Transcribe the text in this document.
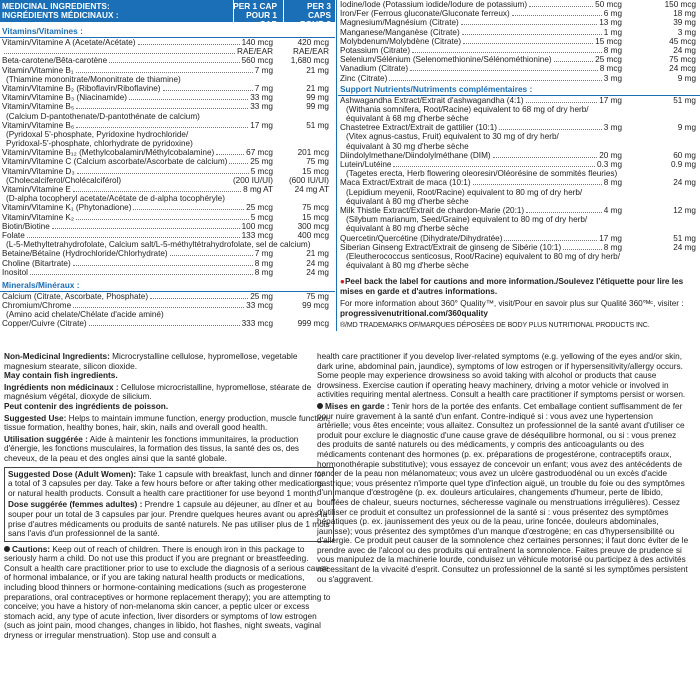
MEDICINAL INGREDIENTS:
INGRÉDIENTS MÉDICINAUX :
PER 1 CAP
POUR 1 CAP
PER 3 CAPS
POUR 3 CAPS
Vitamins/Vitamines :
Vitamin/Vitamine A (Acetate/Acétate)	140 mcg	420 mcg
RAE/EAR RAE/EAR
Beta-carotene/Bêta-carotène	560 mcg 1,680 mcg
Vitamin/Vitamine B₁	7 mg	21 mg
(Thiamine mononitrate/Mononitrate de thiamine)
Vitamin/Vitamine B₂ (Riboflavin/Riboflavine)	7 mg	21 mg
Vitamin/Vitamine B₃ (Niacinamide)	33 mg	99 mg
Vitamin/Vitamine B₅	33 mg	99 mg
(Calcium D-pantothenate/D-pantothénate de calcium)
Vitamin/Vitamine B₆	17 mg	51 mg
(Pyridoxal 5'-phosphate, Pyridoxine hydrochloride/
Pyridoxal-5'-phosphate, chlorhydrate de pyridoxine)
Vitamin/Vitamine B₁₂ (Methylcobalamin/Méthylcobalamine)	67 mcg	201 mcg
Vitamin/Vitamine C (Calcium ascorbate/Ascorbate de calcium)	25 mg	75 mg
Vitamin/Vitamine D₃	5 mcg	15 mcg
(Cholecalciferol/Cholécalciférol)	(200 IU/UI) (600 IU/UI)
Vitamin/Vitamine E	8 mg AT	24 mg AT
(D-alpha tocopheryl acetate/Acétate de d-alpha tocophéryle)
Vitamin/Vitamine K₁ (Phytonadione)	25 mcg	75 mcg
Vitamin/Vitamine K₂	5 mcg	15 mcg
Biotin/Biotine	100 mcg	300 mcg
Folate	133 mcg	400 mcg
(L-5-Methyltetrahydrofolate, Calcium salt/L-5-méthyltétrahydrofolate, sel de calcium)
Betaine/Bétaïne (Hydrochloride/Chlorhydrate)	7 mg	21 mg
Choline (Bitartrate)	8 mg	24 mg
Inositol	8 mg	24 mg
Minerals/Minéraux :
Calcium (Citrate, Ascorbate, Phosphate)	25 mg	75 mg
Chromium/Chrome	33 mcg	99 mcg
(Amino acid chelate/Chélate d'acide aminé)
Copper/Cuivre (Citrate)	333 mcg	999 mcg
Iodine/Iode (Potassium iodide/Iodure de potassium)	50 mcg	150 mcg
Iron/Fer (Ferrous gluconate/Gluconate ferreux)	6 mg	18 mg
Magnesium/Magnésium (Citrate)	13 mg	39 mg
Manganese/Manganèse (Citrate)	1 mg	3 mg
Molybdenum/Molybdène (Citrate)	15 mcg	45 mcg
Potassium (Citrate)	8 mg	24 mg
Selenium/Sélénium (Selenomethionine/Sélénométhionine)	25 mcg	75 mcg
Vanadium (Citrate)	8 mcg	24 mcg
Zinc (Citrate)	3 mg	9 mg
Support Nutrients/Nutriments complémentaires :
Ashwagandha Extract/Extrait d'ashwagandha (4:1)	17 mg	51 mg
(Withania somnifera, Root/Racine) equivalent to 68 mg of dry herb/
équivalant à 68 mg d'herbe sèche
Chastetree Extract/Extrait de gattilier (10:1)	3 mg	9 mg
(Vitex agnus-castus, Fruit) equivalent to 30 mg of dry herb/
équivalant à 30 mg d'herbe sèche
Diindolylmethane/Diindolylméthane (DIM)	20 mg	60 mg
Lutein/Lutéine	0.3 mg	0.9 mg
(Tagetes erecta, Herb flowering oleoresin/Oléorésine de sommités fleuries)
Maca Extract/Extrait de maca (10:1)	8 mg	24 mg
(Lepidium meyenii, Root/Racine) equivalent to 80 mg of dry herb/
équivalant à 80 mg d'herbe sèche
Milk Thistle Extract/Extrait de chardon-Marie (20:1)	4 mg	12 mg
(Silybum marianum, Seed/Graine) equivalent to 80 mg of dry herb/
équivalant à 80 mg d'herbe sèche
Quercetin/Quercétine (Dihydrate/Dihydratée)	17 mg	51 mg
Siberian Ginseng Extract/Extrait de ginseng de Sibérie (10:1)	8 mg	24 mg
(Eleutherococcus senticosus, Root/Racine) equivalent to 80 mg of dry herb/
équivalant à 80 mg d'herbe sèche
●Peel back the label for cautions and more information./Soulevez l'étiquette pour lire les mises en garde et d'autres informations.
For more information about 360° Quality™, visit/Pour en savoir plus sur Qualité 360°ᴹᶜ, visiter : progressivenutritional.com/360quality
®/MD TRADEMARKS OF/MARQUES DÉPOSÉES DE BODY PLUS NUTRITIONAL PRODUCTS INC.

Non-Medicinal Ingredients: Microcrystalline cellulose, hypromellose, vegetable magnesium stearate, silicon dioxide.
May contain fish ingredients.

Ingrédients non médicinaux : Cellulose microcristalline, hypromellose, stéarate de magnésium végétal, dioxyde de silicium.
Peut contenir des ingrédients de poisson.

Suggested Use: Helps to maintain immune function, energy production, muscle function, tissue formation, healthy bones, hair, skin, nails and overall good health.

Utilisation suggérée : Aide à maintenir les fonctions immunitaires, la production d'énergie, les fonctions musculaires, la formation des tissus, la santé des os, des cheveux, de la peau et des ongles ainsi que la santé globale.

Suggested Dose (Adult Women): Take 1 capsule with breakfast, lunch and dinner for a total of 3 capsules per day. Take a few hours before or after taking other medications or natural health products. Consult a health care practitioner for use beyond 1 month.

Dose suggérée (femmes adultes) : Prendre 1 capsule au déjeuner, au dîner et au souper pour un total de 3 capsules par jour. Prendre quelques heures avant ou après la prise d'autres médicaments ou produits de santé naturels. Ne pas utiliser plus de 1 mois sans l'avis d'un professionnel de la santé.

Cautions: Keep out of reach of children. There is enough iron in this package to seriously harm a child. Do not use this product if you are pregnant or breastfeeding. Consult a health care practitioner prior to use to exclude the diagnosis of a serious cause of hormonal imbalance, or if you are taking natural health products or medications, including blood thinners or hormone-containing medications (such as progesterone preparations, oral contraceptives or hormone replacement therapy); you are attempting to conceive; you have a history of non-melanoma skin cancer, a peptic ulcer or excess stomach acid, any type of acute infection, liver disorders or symptoms of low estrogen (such as joint pain, mood changes, changes in libido, hot flashes, night sweats, vaginal dryness or irregular menstruation). Stop use and consult a

health care practitioner if you develop liver-related symptoms (e.g. yellowing of the eyes and/or skin, dark urine, abdominal pain, jaundice), symptoms of low estrogen or if hypersensitivity/allergy occurs. Some people may experience drowsiness so avoid taking with alcohol or products that cause drowsiness. Exercise caution if operating heavy machinery, driving a motor vehicle or involved in activities requiring mental alertness. Consult a health care practitioner if symptoms persist or worsen.

Mises en garde : Tenir hors de la portée des enfants. Cet emballage contient suffisamment de fer pour nuire gravement à la santé d'un enfant. Contre-indiqué si : vous avez une hypertension artérielle; vous êtes enceinte; vous allaitez. Consultez un professionnel de la santé avant d'utiliser ce produit pour exclure le diagnostic d'une cause grave de déséquilibre hormonal, ou si : vous prenez des produits de santé naturels ou des médicaments, y compris des anticoagulants ou des médicaments contenant des hormones (p. ex. préparations de progestérone, contraceptifs oraux, hormonothérapie substitutive); vous essayez de concevoir un enfant; vous avez des antécédents de cancer de la peau non mélanomateux; vous avez un ulcère gastroduodénal ou un excès d'acide gastrique; vous présentez n'importe quel type d'infection aiguë, un trouble du foie ou des symptômes d'un manque d'œstrogène (p. ex. douleurs articulaires, changements d'humeur, perte de libido, bouffées de chaleur, sueurs nocturnes, sécheresse vaginale ou menstruations irrégulières). Cessez d'utiliser ce produit et consultez un professionnel de la santé si : vous présentez des symptômes hépatiques (p. ex. jaunissement des yeux ou de la peau, urine foncée, douleurs abdominales, jaunisse); vous présentez des symptômes d'un manque d'œstrogène; en cas d'hypersensibilité ou d'allergie. Ce produit peut causer de la somnolence chez certaines personnes; il faut donc éviter de le prendre avec de l'alcool ou des produits qui entraînent la somnolence. Faites preuve de prudence si vous manipulez de la machinerie lourde, conduisez un véhicule motorisé ou participez à des activités nécessitant de la vivacité d'esprit. Consultez un professionnel de la santé si les symptômes persistent ou s'aggravent.
